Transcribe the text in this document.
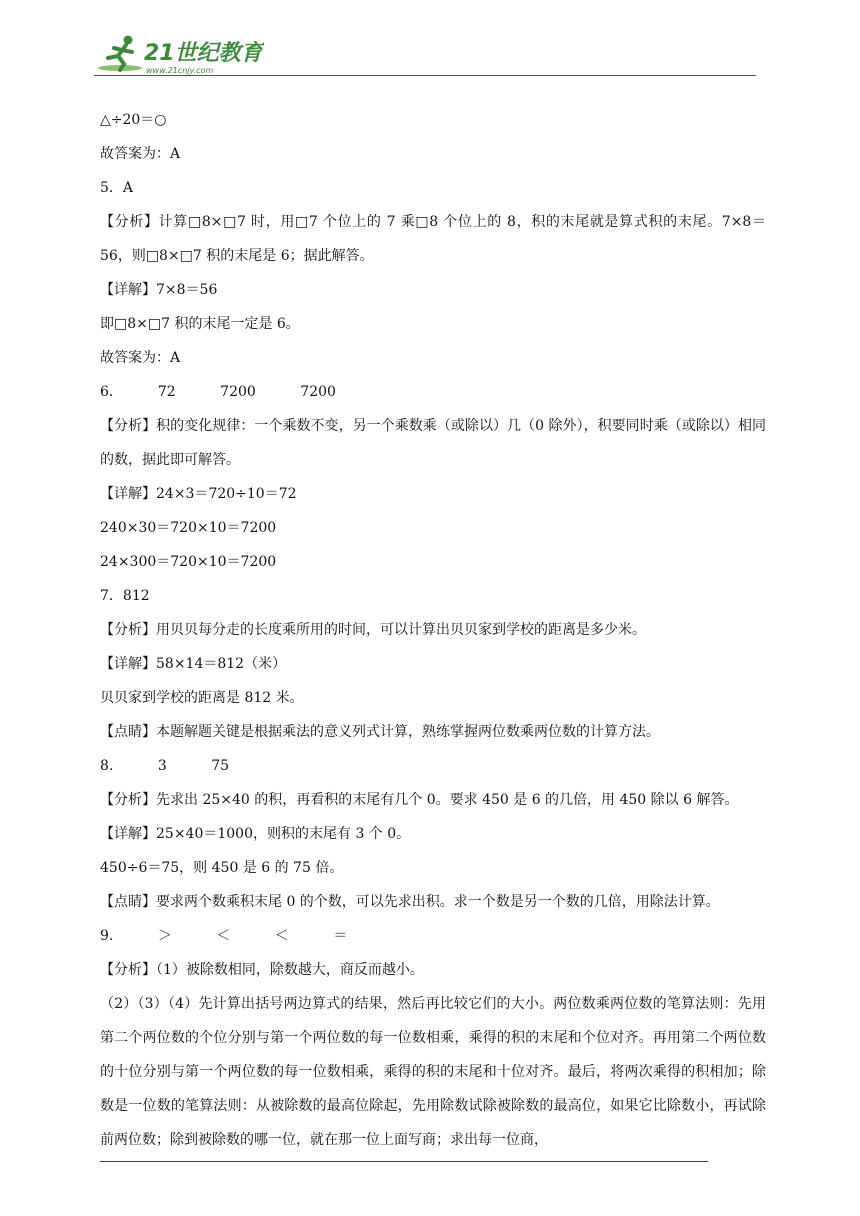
21世纪教育
www.21cnjy.com
△÷20＝○
故答案为：A
5．A
【分析】计算□8×□7 时，用□7 个位上的 7 乘□8 个位上的 8，积的末尾就是算式积的末尾。7×8＝56，则□8×□7 积的末尾是 6；据此解答。
【详解】7×8＝56
即□8×□7 积的末尾一定是 6。
故答案为：A
6.          72          7200          7200
【分析】积的变化规律：一个乘数不变，另一个乘数乘（或除以）几（0 除外），积要同时乘（或除以）相同的数，据此即可解答。
【详解】24×3＝720÷10＝72
240×30＝720×10＝7200
24×300＝720×10＝7200
7．812
【分析】用贝贝每分走的长度乘所用的时间，可以计算出贝贝家到学校的距离是多少米。
【详解】58×14＝812（米）
贝贝家到学校的距离是 812 米。
【点睛】本题解题关键是根据乘法的意义列式计算，熟练掌握两位数乘两位数的计算方法。
8.          3          75
【分析】先求出 25×40 的积，再看积的末尾有几个 0。要求 450 是 6 的几倍，用 450 除以 6 解答。
【详解】25×40＝1000，则积的末尾有 3 个 0。
450÷6＝75，则 450 是 6 的 75 倍。
【点睛】要求两个数乘积末尾 0 的个数，可以先求出积。求一个数是另一个数的几倍，用除法计算。
9.          ＞          ＜          ＜          ＝
【分析】（1）被除数相同，除数越大，商反而越小。
（2）（3）（4）先计算出括号两边算式的结果，然后再比较它们的大小。两位数乘两位数的笔算法则：先用第二个两位数的个位分别与第一个两位数的每一位数相乘，乘得的积的末尾和个位对齐。再用第二个两位数的十位分别与第一个两位数的每一位数相乘，乘得的积的末尾和十位对齐。最后，将两次乘得的积相加；除数是一位数的笔算法则：从被除数的最高位除起，先用除数试除被除数的最高位，如果它比除数小，再试除前两位数；除到被除数的哪一位，就在那一位上面写商；求出每一位商，
